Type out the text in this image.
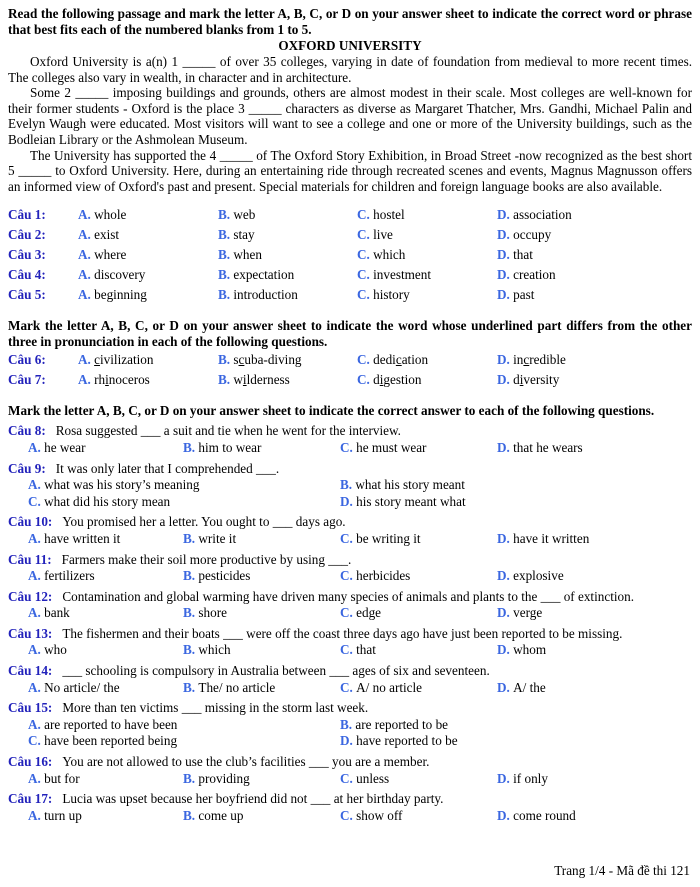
Read the following passage and mark the letter A, B, C, or D on your answer sheet to indicate the correct word or phrase that best fits each of the numbered blanks from 1 to 5.

OXFORD UNIVERSITY

Oxford University is a(n) 1 _____ of over 35 colleges, varying in date of foundation from medieval to more recent times. The colleges also vary in wealth, in character and in architecture.

Some 2 _____ imposing buildings and grounds, others are almost modest in their scale. Most colleges are well-known for their former students - Oxford is the place 3 _____ characters as diverse as Margaret Thatcher, Mrs. Gandhi, Michael Palin and Evelyn Waugh were educated. Most visitors will want to see a college and one or more of the University buildings, such as the Bodleian Library or the Ashmolean Museum.

The University has supported the 4 _____ of The Oxford Story Exhibition, in Broad Street -now recognized as the best short 5 _____ to Oxford University. Here, during an entertaining ride through recreated scenes and events, Magnus Magnusson offers an informed view of Oxford's past and present. Special materials for children and foreign language books are also available.

Câu 1:	A. whole	B. web	C. hostel	D. association
Câu 2:	A. exist	B. stay	C. live	D. occupy
Câu 3:	A. where	B. when	C. which	D. that
Câu 4:	A. discovery	B. expectation	C. investment	D. creation
Câu 5:	A. beginning	B. introduction	C. history	D. past

Mark the letter A, B, C, or D on your answer sheet to indicate the word whose underlined part differs from the other three in pronunciation in each of the following questions.

Câu 6:	A. civilization	B. scuba-diving	C. dedication	D. incredible
Câu 7:	A. rhinoceros	B. wilderness	C. digestion	D. diversity

Mark the letter A, B, C, or D on your answer sheet to indicate the correct answer to each of the following questions.

Câu 8: Rosa suggested ___ a suit and tie when he went for the interview.

A. he wear	B. him to wear	C. he must wear	D. that he wears

Câu 9: It was only later that I comprehended ___.

A. what was his story’s meaning	B. what his story meant
C. what did his story mean	D. his story meant what

Câu 10: You promised her a letter. You ought to ___ days ago.

A. have written it	B. write it	C. be writing it	D. have it written

Câu 11: Farmers make their soil more productive by using ___.

A. fertilizers	B. pesticides	C. herbicides	D. explosive

Câu 12: Contamination and global warming have driven many species of animals and plants to the ___ of extinction.

A. bank	B. shore	C. edge	D. verge

Câu 13: The fishermen and their boats ___ were off the coast three days ago have just been reported to be missing.

A. who	B. which	C. that	D. whom

Câu 14: ___ schooling is compulsory in Australia between ___ ages of six and seventeen.

A. No article/ the	B. The/ no article	C. A/ no article	D. A/ the

Câu 15: More than ten victims ___ missing in the storm last week.

A. are reported to have been	B. are reported to be
C. have been reported being	D. have reported to be

Câu 16: You are not allowed to use the club’s facilities ___ you are a member.

A. but for	B. providing	C. unless	D. if only

Câu 17: Lucia was upset because her boyfriend did not ___ at her birthday party.

A. turn up	B. come up	C. show off	D. come round
Trang 1/4 - Mã đề thi 121
